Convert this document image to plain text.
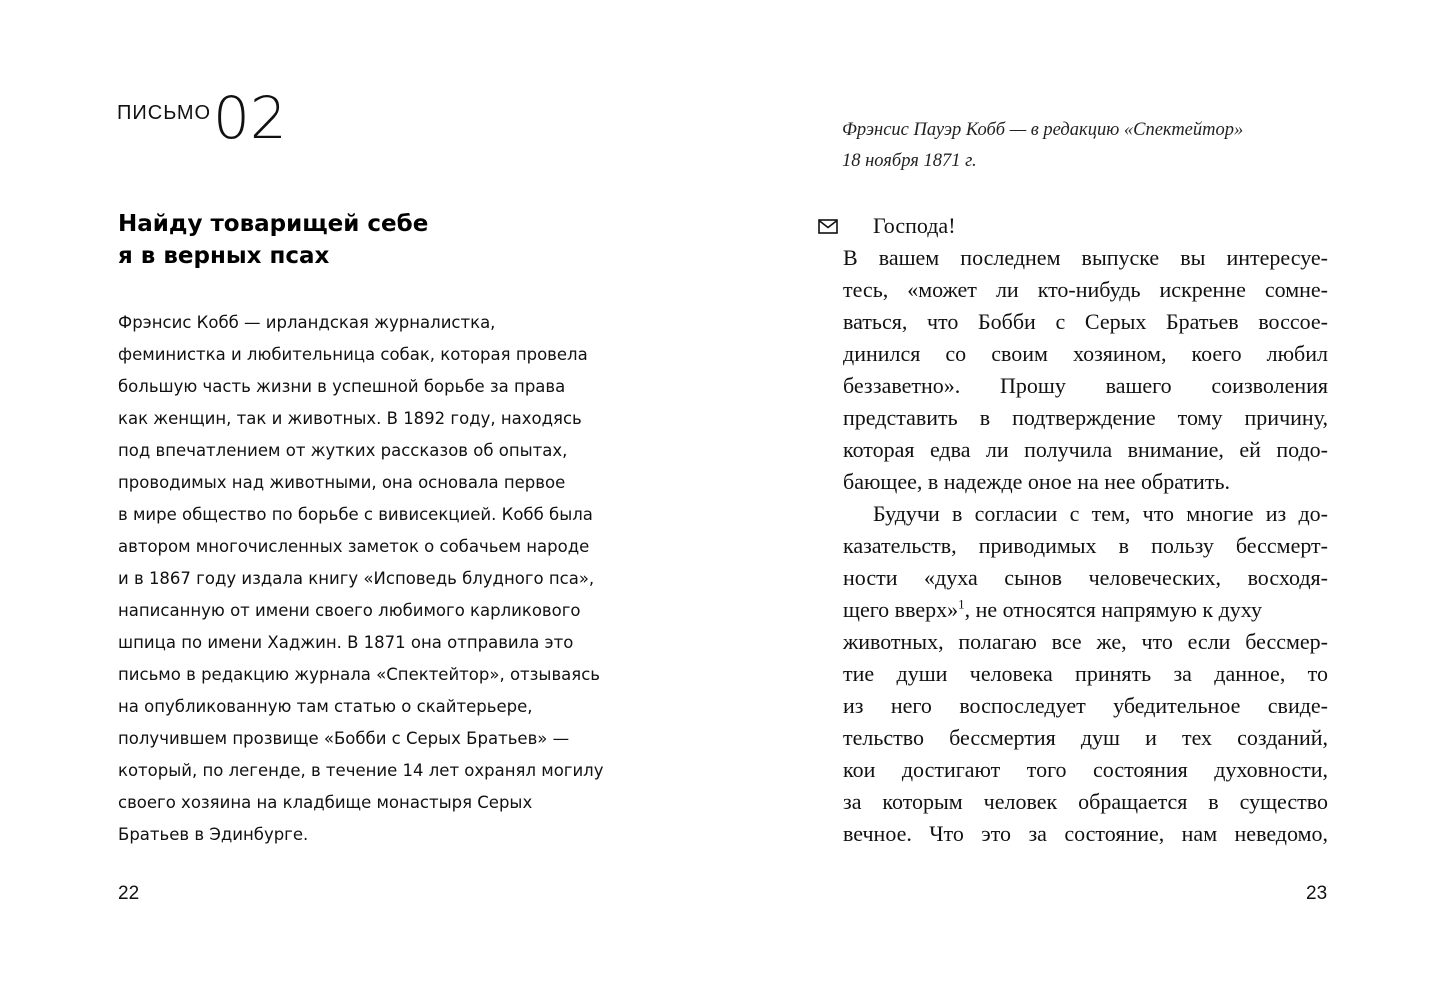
ПИСЬМО 02
Найду товарищей себе
я в верных псах
Фрэнсис Кобб — ирландская журналистка,
феминистка и любительница собак, которая провела
большую часть жизни в успешной борьбе за права
как женщин, так и животных. В 1892 году, находясь
под впечатлением от жутких рассказов об опытах,
проводимых над животными, она основала первое
в мире общество по борьбе с вивисекцией. Кобб была
автором многочисленных заметок о собачьем народе
и в 1867 году издала книгу «Исповедь блудного пса»,
написанную от имени своего любимого карликового
шпица по имени Хаджин. В 1871 она отправила это
письмо в редакцию журнала «Спектейтор», отзываясь
на опубликованную там статью о скайтерьере,
получившем прозвище «Бобби с Серых Братьев» —
который, по легенде, в течение 14 лет охранял могилу
своего хозяина на кладбище монастыря Серых
Братьев в Эдинбурге.
22
Фрэнсис Пауэр Кобб — в редакцию «Спектейтор»
18 ноября 1871 г.
Господа!
В вашем последнем выпуске вы интересуе-
тесь, «может ли кто-нибудь искренне сомне-
ваться, что Бобби с Серых Братьев воссое-
динился со своим хозяином, коего любил
беззаветно». Прошу вашего соизволения
представить в подтверждение тому причину,
которая едва ли получила внимание, ей подо-
бающее, в надежде оное на нее обратить.
Будучи в согласии с тем, что многие из до-
казательств, приводимых в пользу бессмерт-
ности «духа сынов человеческих, восходя-
щего вверх»$^1$, не относятся напрямую к духу
животных, полагаю все же, что если бессмер-
тие души человека принять за данное, то
из него воспоследует убедительное свиде-
тельство бессмертия душ и тех созданий,
кои достигают того состояния духовности,
за которым человек обращается в существо
вечное. Что это за состояние, нам неведомо,
23
